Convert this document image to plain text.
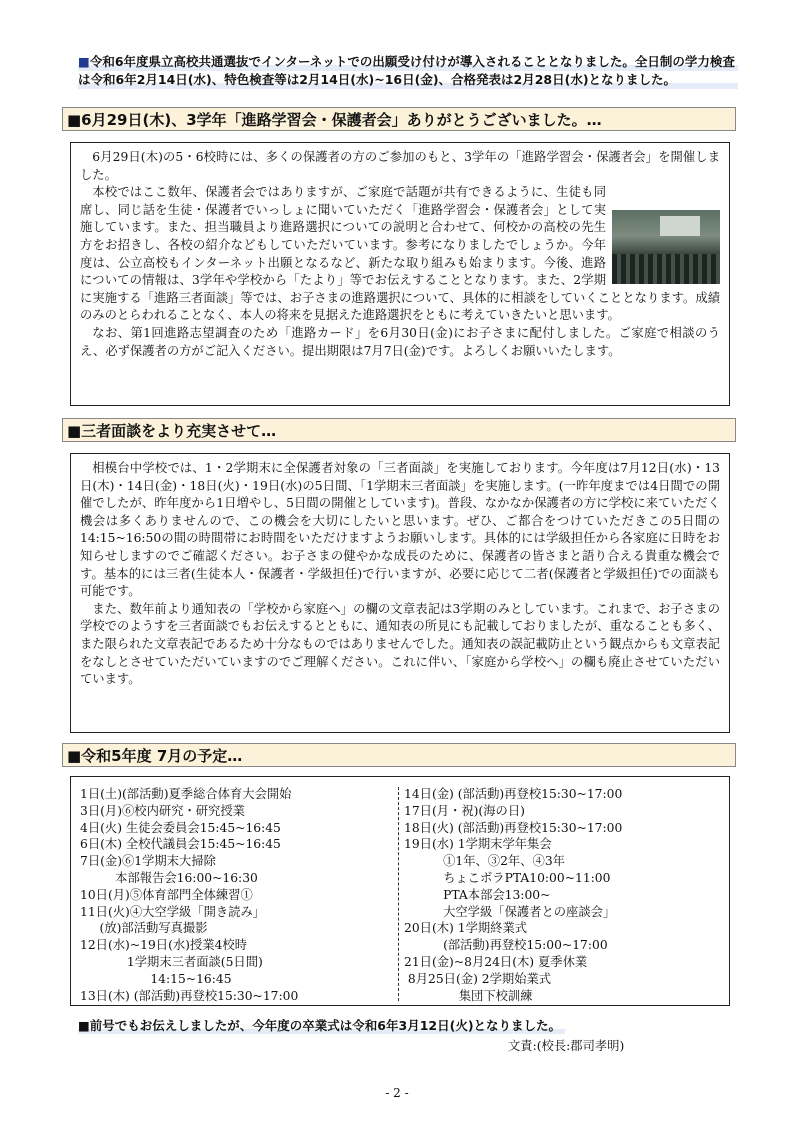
■令和6年度県立高校共通選抜でインターネットでの出願受け付けが導入されることとなりました。全日制の学力検査は令和6年2月14日(水)、特色検査等は2月14日(水)~16日(金)、合格発表は2月28日(水)となりました。
■6月29日(木)、3学年「進路学習会・保護者会」ありがとうございました。…

6月29日(木)の5・6校時には、多くの保護者の方のご参加のもと、3学年の「進路学習会・保護者会」を開催しました。

本校ではここ数年、保護者会ではありますが、ご家庭で話題が共有できるように、生徒も同席し、同じ話を生徒・保護者でいっしょに聞いていただく「進路学習会・保護者会」として実施しています。また、担当職員より進路選択についての説明と合わせて、何校かの高校の先生方をお招きし、各校の紹介などもしていただいています。参考になりましたでしょうか。今年度は、公立高校もインターネット出願となるなど、新たな取り組みも始まります。今後、進路についての情報は、3学年や学校から「たより」等でお伝えすることとなります。また、2学期に実施する「進路三者面談」等では、お子さまの進路選択について、具体的に相談をしていくこととなります。成績のみのとらわれることなく、本人の将来を見据えた進路選択をともに考えていきたいと思います。

なお、第1回進路志望調査のため「進路カード」を6月30日(金)にお子さまに配付しました。ご家庭で相談のうえ、必ず保護者の方がご記入ください。提出期限は7月7日(金)です。よろしくお願いいたします。

■三者面談をより充実させて…

相模台中学校では、1・2学期末に全保護者対象の「三者面談」を実施しております。今年度は7月12日(水)・13日(木)・14日(金)・18日(火)・19日(水)の5日間、「1学期末三者面談」を実施します。(一昨年度までは4日間での開催でしたが、昨年度から1日増やし、5日間の開催としています)。普段、なかなか保護者の方に学校に来ていただく機会は多くありませんので、この機会を大切にしたいと思います。ぜひ、ご都合をつけていただきこの5日間の14:15~16:50の間の時間帯にお時間をいただけますようお願いします。具体的には学級担任から各家庭に日時をお知らせしますのでご確認ください。お子さまの健やかな成長のために、保護者の皆さまと語り合える貴重な機会です。基本的には三者(生徒本人・保護者・学級担任)で行いますが、必要に応じて二者(保護者と学級担任)での面談も可能です。

また、数年前より通知表の「学校から家庭へ」の欄の文章表記は3学期のみとしています。これまで、お子さまの学校でのようすを三者面談でもお伝えするとともに、通知表の所見にも記載しておりましたが、重なることも多く、また限られた文章表記であるため十分なものではありませんでした。通知表の誤記載防止という観点からも文章表記をなしとさせていただいていますのでご理解ください。これに伴い、「家庭から学校へ」の欄も廃止させていただいています。

■令和5年度 7月の予定…
1日(土)(部活動)夏季総合体育大会開始
3日(月)⑥校内研究・研究授業
4日(火) 生徒会委員会15:45~16:45
6日(木) 全校代議員会15:45~16:45
7日(金)⑥1学期末大掃除
本部報告会16:00~16:30
10日(月)⑤体育部門全体練習①
11日(火)④大空学級「開き読み」
(放)部活動写真撮影
12日(水)~19日(水)授業4校時
1学期末三者面談(5日間)
14:15~16:45
13日(木) (部活動)再登校15:30~17:00
14日(金) (部活動)再登校15:30~17:00
17日(月・祝)(海の日)
18日(火) (部活動)再登校15:30~17:00
19日(水) 1学期末学年集会
①1年、③2年、④3年
ちょこボラPTA10:00~11:00
PTA本部会13:00~
大空学級「保護者との座談会」
20日(木) 1学期終業式
(部活動)再登校15:00~17:00
21日(金)~8月24日(木) 夏季休業
8月25日(金) 2学期始業式
集団下校訓練
■前号でもお伝えしましたが、今年度の卒業式は令和6年3月12日(火)となりました。
文責:(校長:郡司孝明)
- 2 -
